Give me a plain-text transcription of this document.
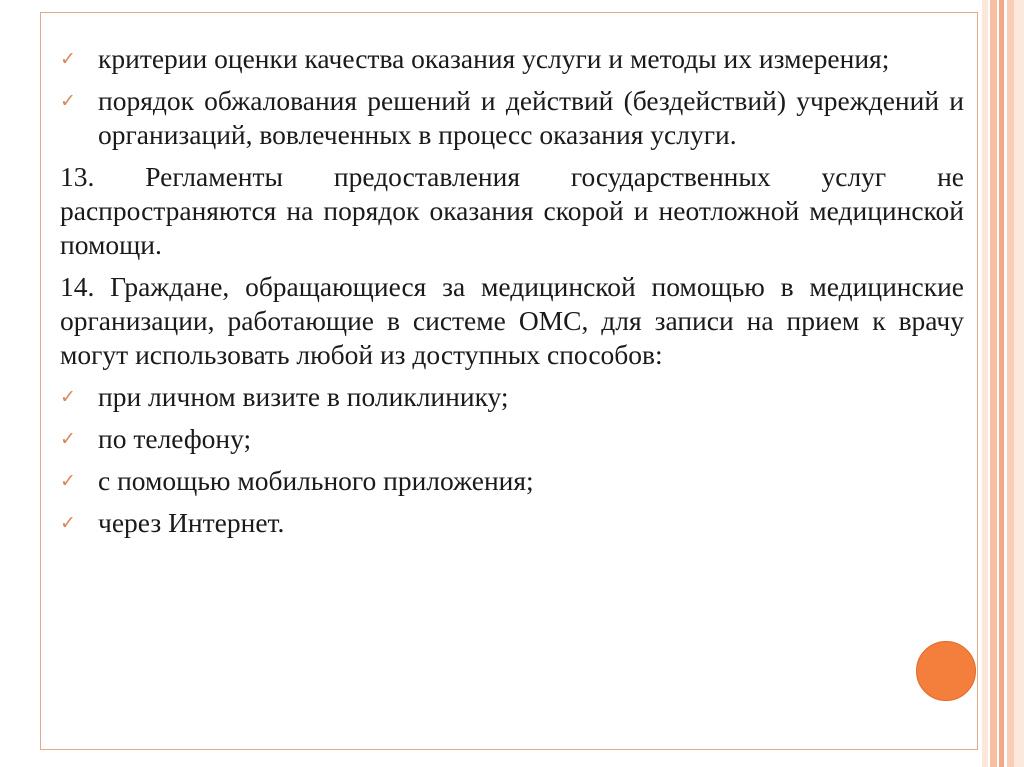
✓ критерии оценки качества оказания услуги и методы их измерения;
✓ порядок обжалования решений и действий (бездействий) учреждений и организаций, вовлеченных в процесс оказания услуги.
13. Регламенты предоставления государственных услуг не распространяются на порядок оказания скорой и неотложной медицинской помощи.
14. Граждане, обращающиеся за медицинской помощью в медицинские организации, работающие в системе ОМС, для записи на прием к врачу могут использовать любой из доступных способов:
✓ при личном визите в поликлинику;
✓ по телефону;
✓ с помощью мобильного приложения;
✓ через Интернет.
